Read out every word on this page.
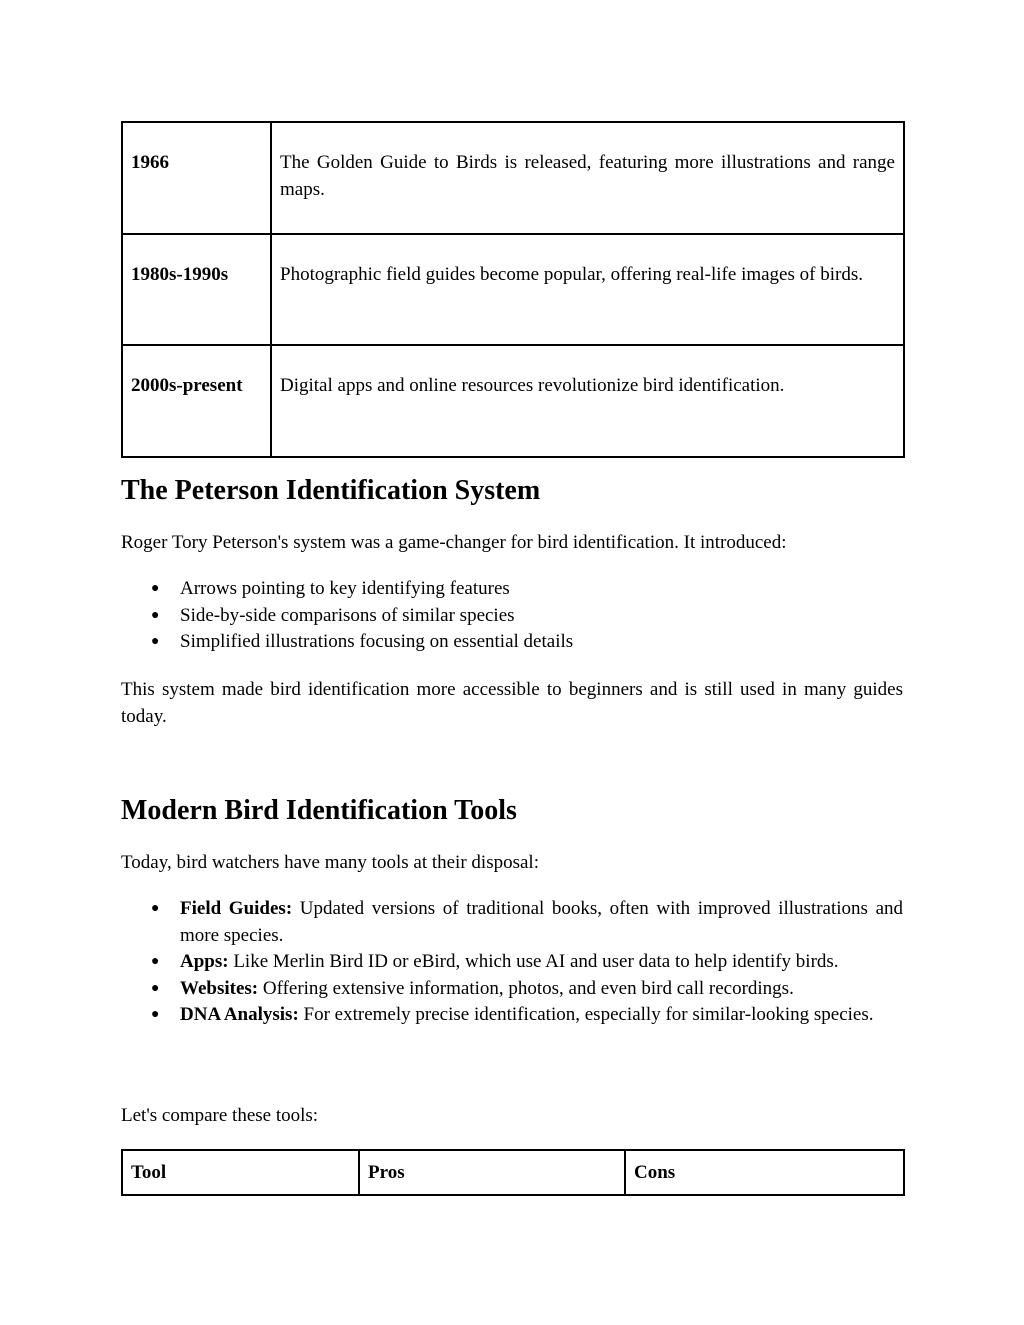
1966	The Golden Guide to Birds is released, featuring more illustrations and range maps.
1980s-1990s	Photographic field guides become popular, offering real-life images of birds.
2000s-present	Digital apps and online resources revolutionize bird identification.
The Peterson Identification System

Roger Tory Peterson's system was a game-changer for bird identification. It introduced:

● Arrows pointing to key identifying features
● Side-by-side comparisons of similar species
● Simplified illustrations focusing on essential details

This system made bird identification more accessible to beginners and is still used in many guides today.

Modern Bird Identification Tools

Today, bird watchers have many tools at their disposal:

● Field Guides: Updated versions of traditional books, often with improved illustrations and more species.
● Apps: Like Merlin Bird ID or eBird, which use AI and user data to help identify birds.
● Websites: Offering extensive information, photos, and even bird call recordings.
● DNA Analysis: For extremely precise identification, especially for similar-looking species.

Let's compare these tools:

Tool	Pros	Cons
